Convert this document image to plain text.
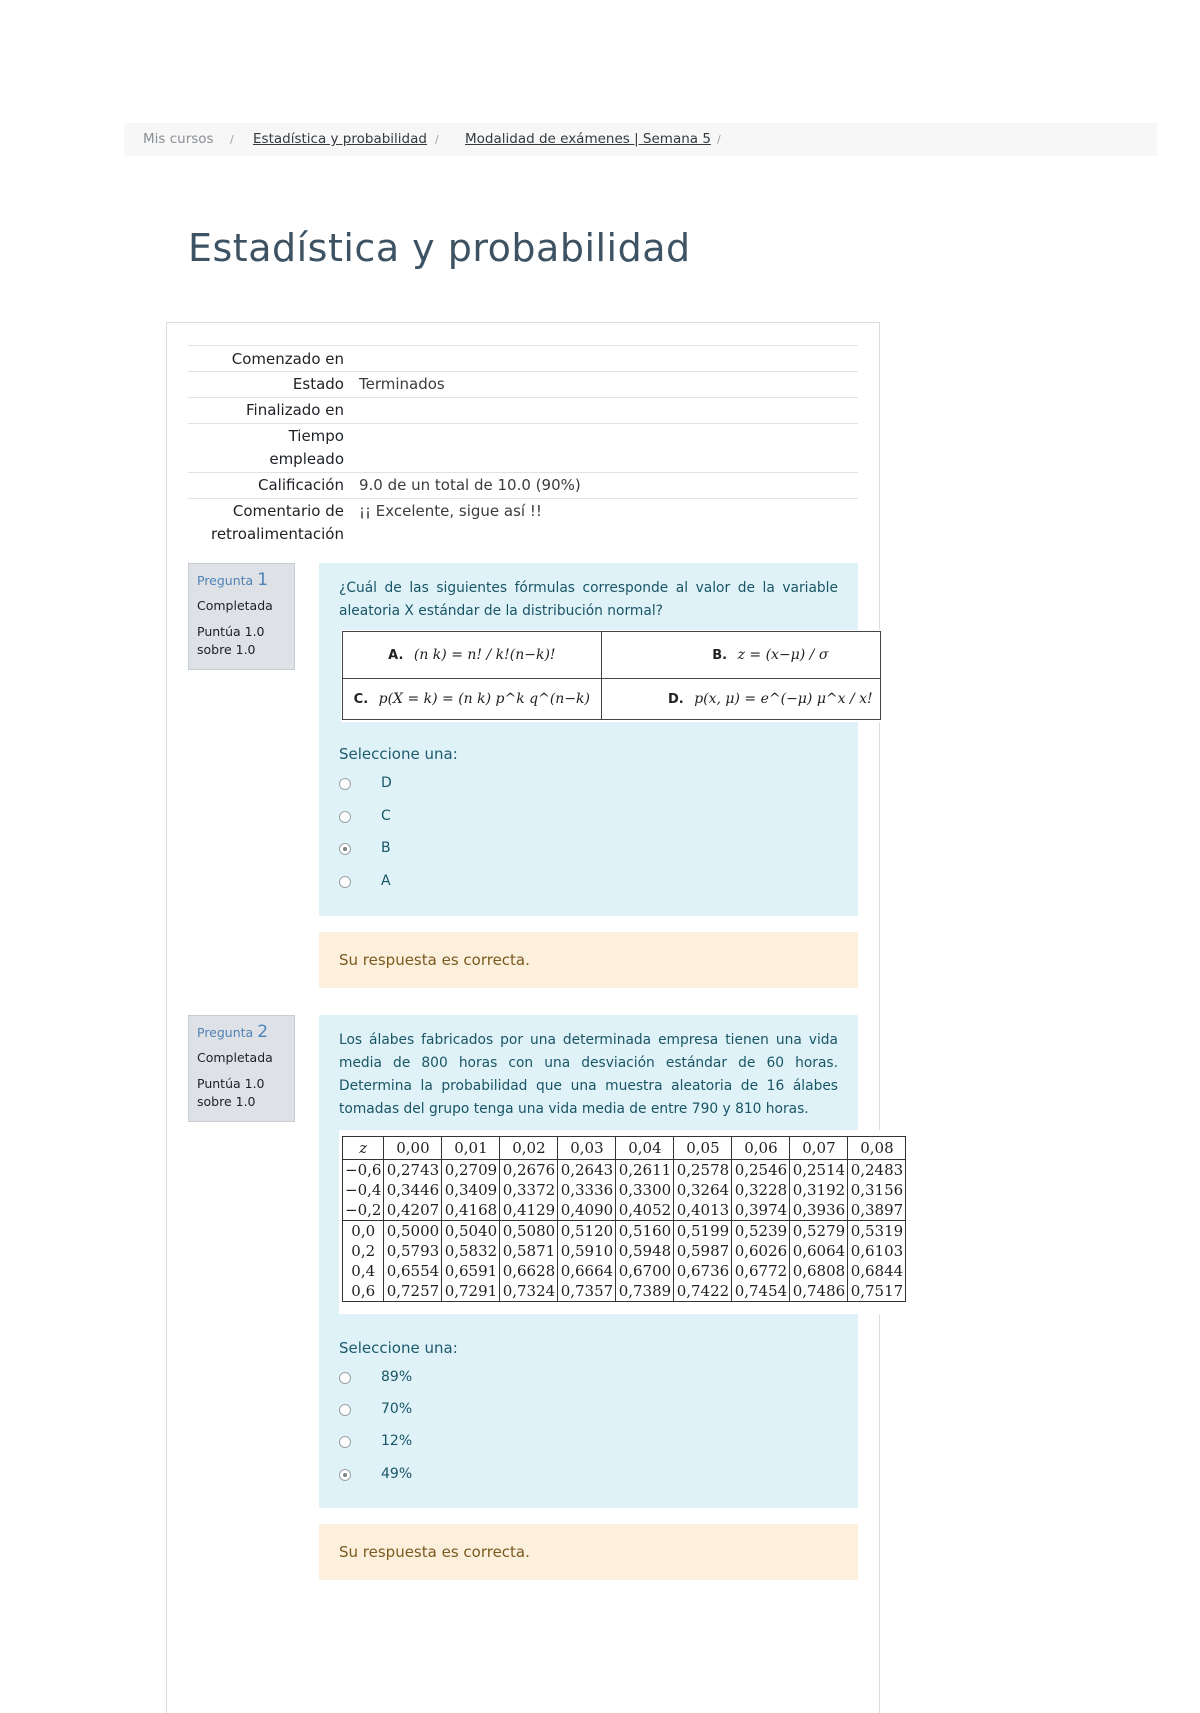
Mis cursos / Estadística y probabilidad / Modalidad de exámenes | Semana 5 /
Estadística y probabilidad
Comenzado en
Estado Terminados
Finalizado en
Tiempo
empleado
Calificación 9.0 de un total de 10.0 (90%)
Comentario de
retroalimentación
¡¡ Excelente, sigue así !!
Pregunta 1
Completada
Puntúa 1.0
sobre 1.0
¿Cuál de las siguientes fórmulas corresponde al valor de la variable aleatoria X estándar de la distribución normal?
Seleccione una:
D
C
B
A
A. (n k) = n! / k!(n−k)!	B. z = (x−μ) / σ
C. p(X = k) = (n k) p^k q^(n−k)	D. p(x, μ) = e^(−μ) μ^x / x!
Su respuesta es correcta.
Pregunta 2
Completada
Puntúa 1.0
sobre 1.0
Los álabes fabricados por una determinada empresa tienen una vida media de 800 horas con una desviación estándar de 60 horas. Determina la probabilidad que una muestra aleatoria de 16 álabes tomadas del grupo tenga una vida media de entre 790 y 810 horas.
Seleccione una:
89%
70%
12%
49%
z	0,00	0,01	0,02	0,03	0,04	0,05	0,06	0,07	0,08
−0,6	0,2743	0,2709	0,2676	0,2643	0,2611	0,2578	0,2546	0,2514	0,2483
−0,4	0,3446	0,3409	0,3372	0,3336	0,3300	0,3264	0,3228	0,3192	0,3156
−0,2	0,4207	0,4168	0,4129	0,4090	0,4052	0,4013	0,3974	0,3936	0,3897
0,0	0,5000	0,5040	0,5080	0,5120	0,5160	0,5199	0,5239	0,5279	0,5319
0,2	0,5793	0,5832	0,5871	0,5910	0,5948	0,5987	0,6026	0,6064	0,6103
0,4	0,6554	0,6591	0,6628	0,6664	0,6700	0,6736	0,6772	0,6808	0,6844
0,6	0,7257	0,7291	0,7324	0,7357	0,7389	0,7422	0,7454	0,7486	0,7517
Su respuesta es correcta.
